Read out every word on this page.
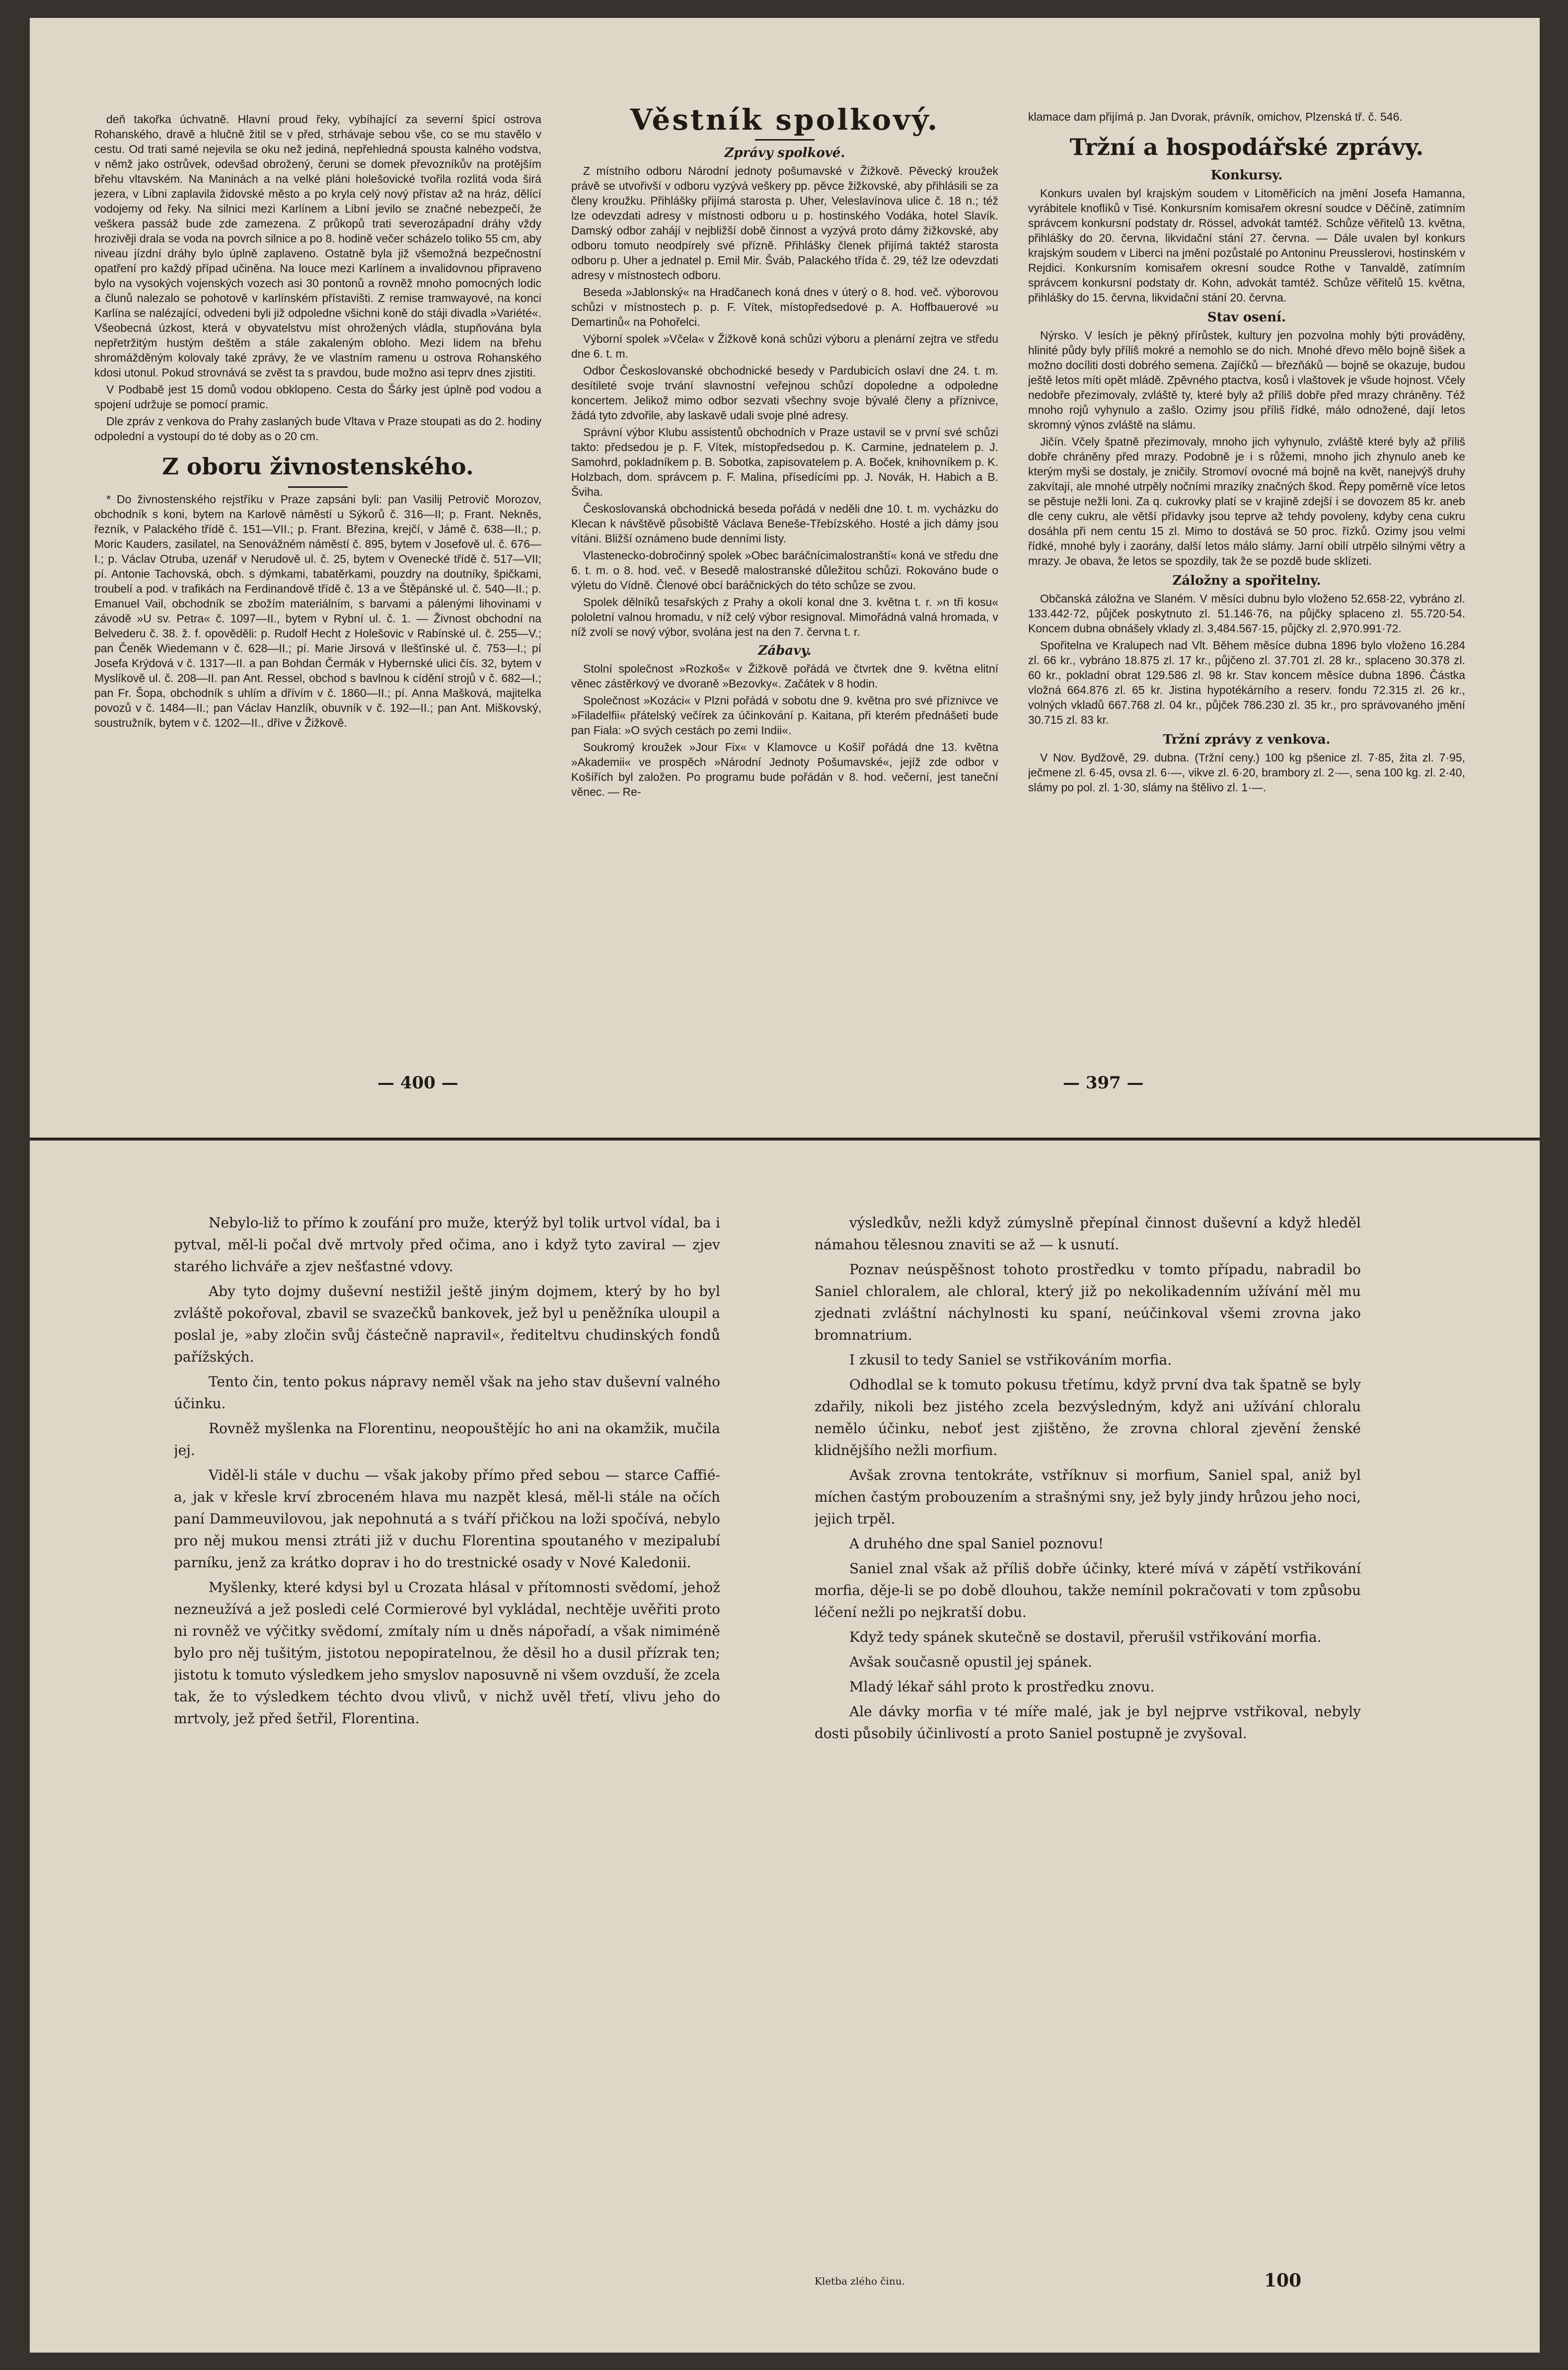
deň takořka úchvatně. Hlavní proud řeky, vybíhající za severní špicí ostrova Rohanského, dravě a hlučně žitil se v před, strhávaje sebou vše, co se mu stavělo v cestu. Od trati samé nejevila se oku než jediná, nepřehledná spousta kalného vodstva, v němž jako ostrůvek, odevšad obrožený, čeruni se domek převozníkův na protějším břehu vltavském. Na Maninách a na velké pláni holešovické tvořila rozlitá voda širá jezera, v Libni zaplavila židovské město a po kryla celý nový přístav až na hráz, dělící vodojemy od řeky. Na silnici mezi Karlínem a Libní jevilo se značné nebezpečí, že veškera passáž bude zde zamezena. Z průkopů trati severozápadní dráhy vždy hrozivěji drala se voda na povrch silnice a po 8. hodině večer scházelo toliko 55 cm, aby niveau jízdní dráhy bylo úplně zaplaveno. Ostatně byla již všemožná bezpečnostní opatření pro každý případ učiněna. Na louce mezi Karlínem a invalidovnou připraveno bylo na vysokých vojenských vozech asi 30 pontonů a rovněž mnoho pomocných lodic a člunů nalezalo se pohotově v karlínském přístavišti. Z remise tramwayové, na konci Karlína se nalézající, odvedeni byli již odpoledne všichni koně do stáji divadla »Variété«. Všeobecná úzkost, která v obyvatelstvu míst ohrožených vládla, stupňována byla nepřetržitým hustým deštěm a stále zakaleným obloho. Mezi lidem na břehu shromážděným kolovaly také zprávy, že ve vlastním ramenu u ostrova Rohanského kdosi utonul. Pokud strovnává se zvěst ta s pravdou, bude možno asi teprv dnes zjistiti.

V Podbabě jest 15 domů vodou obklopeno. Cesta do Šárky jest úplně pod vodou a spojení udržuje se pomocí pramic.

Dle zpráv z venkova do Prahy zaslaných bude Vltava v Praze stoupati as do 2. hodiny odpolední a vystoupí do té doby as o 20 cm.

Z oboru živnostenského.

* Do živnostenského rejstříku v Praze zapsáni byli: pan Vasilij Petrovič Morozov, obchodník s koni, bytem na Karlově náměstí u Sýkorů č. 316—II; p. Frant. Nekněs, řezník, v Palackého třídě č. 151—VII.; p. Frant. Březina, krejčí, v Jámě č. 638—II.; p. Moric Kauders, zasilatel, na Senovážném náměstí č. 895, bytem v Josefově ul. č. 676—I.; p. Václav Otruba, uzenář v Nerudově ul. č. 25, bytem v Ovenecké třídě č. 517—VII; pí. Antonie Tachovská, obch. s dýmkami, tabatěrkami, pouzdry na doutníky, špičkami, troubelí a pod. v trafikách na Ferdinandově třídě č. 13 a ve Štěpánské ul. č. 540—II.; p. Emanuel Vail, obchodník se zbožím materiálním, s barvami a pálenými lihovinami v závodě »U sv. Petra« č. 1097—II., bytem v Rybní ul. č. 1. — Živnost obchodní na Belvederu č. 38. ž. f. opověděli: p. Rudolf Hecht z Holešovic v Rabínské ul. č. 255—V.; pan Čeněk Wiedemann v č. 628—II.; pí. Marie Jirsová v Ilešťinské ul. č. 753—I.; pí Josefa Krýdová v č. 1317—II. a pan Bohdan Čermák v Hybernské ulici čís. 32, bytem v Myslíkově ul. č. 208—II. pan Ant. Ressel, obchod s bavlnou k cídění strojů v č. 682—I.; pan Fr. Šopa, obchodník s uhlím a dřívím v č. 1860—II.; pí. Anna Mašková, majitelka povozů v č. 1484—II.; pan Václav Hanzlík, obuvník v č. 192—II.; pan Ant. Miškovský, soustružník, bytem v č. 1202—II., dříve v Žižkově.

Věstník spolkový.
Zprávy spolkové.

Z místního odboru Národní jednoty pošumavské v Žižkově. Pěvecký kroužek právě se utvořivší v odboru vyzývá veškery pp. pěvce žižkovské, aby přihlásili se za členy kroužku. Přihlášky přijímá starosta p. Uher, Veleslavínova ulice č. 18 n.; též lze odevzdati adresy v místnosti odboru u p. hostinského Vodáka, hotel Slavík. Damský odbor zahájí v nejbližší době činnost a vyzývá proto dámy žižkovské, aby odboru tomuto neodpírely své přízně. Přihlášky členek přijímá taktéž starosta odboru p. Uher a jednatel p. Emil Mir. Šváb, Palackého třída č. 29, též lze odevzdati adresy v místnostech odboru.

Beseda »Jablonský« na Hradčanech koná dnes v úterý o 8. hod. več. výborovou schůzi v místnostech p. p. F. Vítek, místopředsedové p. A. Hoffbauerové »u Demartinů« na Pohořelci.

Výborní spolek »Včela« v Žižkově koná schůzi výboru a plenární zejtra ve středu dne 6. t. m.

Odbor Českoslovanské obchodnické besedy v Pardubicích oslaví dne 24. t. m. desítileté svoje trvání slavnostní veřejnou schůzí dopoledne a odpoledne koncertem. Jelikož mimo odbor sezvati všechny svoje bývalé členy a příznivce, žádá tyto zdvořile, aby laskavě udali svoje plné adresy.

Správní výbor Klubu assistentů obchodních v Praze ustavil se v první své schůzi takto: předsedou je p. F. Vítek, místopředsedou p. K. Carmine, jednatelem p. J. Samohrd, pokladníkem p. B. Sobotka, zapisovatelem p. A. Boček, knihovníkem p. K. Holzbach, dom. správcem p. F. Malina, přísedícími pp. J. Novák, H. Habich a B. Šviha.

Českoslovanská obchodnická beseda pořádá v neděli dne 10. t. m. vycházku do Klecan k návštěvě působiště Václava Beneše-Třebízského. Hosté a jich dámy jsou vítáni. Bližší oznámeno bude denními listy.

Vlastenecko-dobročinný spolek »Obec baráčnícimalostranští« koná ve středu dne 6. t. m. o 8. hod. več. v Besedě malostranské důležitou schůzi. Rokováno bude o výletu do Vídně. Členové obcí baráčnických do této schůze se zvou.

Spolek dělníků tesařských z Prahy a okolí konal dne 3. května t. r. »n tři kosu« pololetní valnou hromadu, v níž celý výbor resignoval. Mimořádná valná hromada, v níž zvolí se nový výbor, svolána jest na den 7. června t. r.

Zábavy.

Stolní společnost »Rozkoš« v Žižkově pořádá ve čtvrtek dne 9. května elitní věnec zástěrkový ve dvoraně »Bezovky«. Začátek v 8 hodin.

Společnost »Kozáci« v Plzni pořádá v sobotu dne 9. května pro své příznivce ve »Filadelfii« přátelský večírek za účinkování p. Kaitana, při kterém přednášeti bude pan Fiala: »O svých cestách po zemi Indii«.

Soukromý kroužek »Jour Fix« v Klamovce u Košíř pořádá dne 13. května »Akademii« ve prospěch »Národní Jednoty Pošumavské«, jejíž zde odbor v Košířích byl založen. Po programu bude pořádán v 8. hod. večerní, jest taneční věnec. — Re-

klamace dam přijímá p. Jan Dvorak, právník, omichov, Plzenská tř. č. 546.

Tržní a hospodářské zprávy.
Konkursy.

Konkurs uvalen byl krajským soudem v Litoměřicích na jmění Josefa Hamanna, vyrábitele knoflíků v Tisé. Konkursním komisařem okresní soudce v Děčíně, zatímním správcem konkursní podstaty dr. Rössel, advokát tamtéž. Schůze věřitelů 13. května, přihlášky do 20. června, likvidační stání 27. června. — Dále uvalen byl konkurs krajským soudem v Liberci na jmění pozůstalé po Antoninu Preusslerovi, hostinském v Rejdici. Konkursním komisařem okresní soudce Rothe v Tanvaldě, zatímním správcem konkursní podstaty dr. Kohn, advokát tamtéž. Schůze věřitelů 15. května, přihlášky do 15. června, likvidační stání 20. června.

Stav osení.

Nýrsko. V lesích je pěkný přírůstek, kultury jen pozvolna mohly býti prováděny, hlinité půdy byly příliš mokré a nemohlo se do nich. Mnohé dřevo mělo bojně šišek a možno docíliti dosti dobrého semena. Zajíčků — březňáků — bojně se okazuje, budou ještě letos míti opět mládě. Zpěvného ptactva, kosů i vlaštovek je všude hojnost. Včely nedobře přezimovaly, zvláště ty, které byly až příliš dobře před mrazy chráněny. Též mnoho rojů vyhynulo a zašlo. Ozimy jsou příliš řídké, málo odnožené, dají letos skromný výnos zvláště na slámu.

Jičín. Včely špatně přezimovaly, mnoho jich vyhynulo, zvláště které byly až příliš dobře chráněny před mrazy. Podobně je i s růžemi, mnoho jich zhynulo aneb ke kterým myši se dostaly, je zničily. Stromoví ovocné má bojně na květ, nanejvýš druhy zakvítají, ale mnohé utrpěly nočními mrazíky značných škod. Řepy poměrně více letos se pěstuje nežli loni. Za q. cukrovky platí se v krajině zdejší i se dovozem 85 kr. aneb dle ceny cukru, ale větší přídavky jsou teprve až tehdy povoleny, kdyby cena cukru dosáhla při nem centu 15 zl. Mimo to dostává se 50 proc. řízků. Ozimy jsou velmi řídké, mnohé byly i zaorány, další letos málo slámy. Jarní obilí utrpělo silnými větry a mrazy. Je obava, že letos se spozdily, tak že se pozdě bude sklízeti.

Záložny a spořitelny.

Občanská záložna ve Slaném. V měsíci dubnu bylo vloženo 52.658·22, vybráno zl. 133.442·72, půjček poskytnuto zl. 51.146·76, na půjčky splaceno zl. 55.720·54. Koncem dubna obnášely vklady zl. 3,484.567·15, půjčky zl. 2,970.991·72.

Spořitelna ve Kralupech nad Vlt. Během měsíce dubna 1896 bylo vloženo 16.284 zl. 66 kr., vybráno 18.875 zl. 17 kr., půjčeno zl. 37.701 zl. 28 kr., splaceno 30.378 zl. 60 kr., pokladní obrat 129.586 zl. 98 kr. Stav koncem měsíce dubna 1896. Částka vložná 664.876 zl. 65 kr. Jistina hypotékárního a reserv. fondu 72.315 zl. 26 kr., volných vkladů 667.768 zl. 04 kr., půjček 786.230 zl. 35 kr., pro správovaného jmění 30.715 zl. 83 kr.

Tržní zprávy z venkova.

V Nov. Bydžově, 29. dubna. (Tržní ceny.) 100 kg pšenice zl. 7·85, žita zl. 7·95, ječmene zl. 6·45, ovsa zl. 6·—, vikve zl. 6·20, brambory zl. 2·—, sena 100 kg. zl. 2·40, slámy po pol. zl. 1·30, slámy na štělivo zl. 1·—.

— 400 —	— 397 —

Nebylo-liž to přímo k zoufání pro muže, kterýž byl tolik urtvol vídal, ba i pytval, měl-li počal dvě mrtvoly před očima, ano i když tyto zaviral — zjev starého lichváře a zjev nešťastné vdovy.

Aby tyto dojmy duševní nestižil ještě jiným dojmem, který by ho byl zvláště pokořoval, zbavil se svazečků bankovek, jež byl u peněžníka uloupil a poslal je, »aby zločin svůj částečně napravil«, řediteltvu chudinských fondů pařížských.

Tento čin, tento pokus nápravy neměl však na jeho stav duševní valného účinku.

Rovněž myšlenka na Florentinu, neopouštějíc ho ani na okamžik, mučila jej.

Viděl-li stále v duchu — však jakoby přímo před sebou — starce Caffié-a, jak v křesle krví zbroceném hlava mu nazpět klesá, měl-li stále na očích paní Dammeuvilovou, jak nepohnutá a s tváří přičkou na loži spočívá, nebylo pro něj mukou mensi ztráti již v duchu Florentina spoutaného v mezipalubí parníku, jenž za krátko doprav i ho do trestnické osady v Nové Kaledonii.

Myšlenky, které kdysi byl u Crozata hlásal v přítomnosti svědomí, jehož nezneužívá a jež posledi celé Cormierové byl vykládal, nechtěje uvěřiti proto ni rovněž ve výčitky svědomí, zmítaly ním u dněs nápořadí, a však nimiméně bylo pro něj tušitým, jistotou nepopiratelnou, že děsil ho a dusil přízrak ten; jistotu k tomuto výsledkem jeho smyslov naposuvně ni všem ovzduší, že zcela tak, že to výsledkem téchto dvou vlivů, v nichž uvěl třetí, vlivu jeho do mrtvoly, jež před šetřil, Florentina.

výsledkův, nežli když zúmyslně přepínal činnost duševní a když hleděl námahou tělesnou znaviti se až — k usnutí.

Poznav neúspěšnost tohoto prostředku v tomto případu, nabradil bo Saniel chloralem, ale chloral, který již po nekolikadenním užívání měl mu zjednati zvláštní náchylnosti ku spaní, neúčinkoval všemi zrovna jako bromnatrium.

I zkusil to tedy Saniel se vstřikováním morfia.

Odhodlal se k tomuto pokusu třetímu, když první dva tak špatně se byly zdařily, nikoli bez jistého zcela bezvýsledným, když ani užívání chloralu nemělo účinku, neboť jest zjištěno, že zrovna chloral zjevění ženské klidnějšího nežli morfium.

Avšak zrovna tentokráte, vstříknuv si morfium, Saniel spal, aniž byl míchen častým probouzením a strašnými sny, jež byly jindy hrůzou jeho noci, jejich trpěl.

A druhého dne spal Saniel poznovu!

Saniel znal však až příliš dobře účinky, které mívá v zápětí vstřikování morfia, děje-li se po době dlouhou, takže nemínil pokračovati v tom způsobu léčení nežli po nejkratší dobu.

Když tedy spánek skutečně se dostavil, přerušil vstřikování morfia.

Avšak současně opustil jej spánek.

Mladý lékař sáhl proto k prostředku znovu.

Ale dávky morfia v té míře malé, jak je byl nejprve vstřikoval, nebyly dosti působily účinlivostí a proto Saniel postupně je zvyšoval.

Kletba zlého činu.	100
